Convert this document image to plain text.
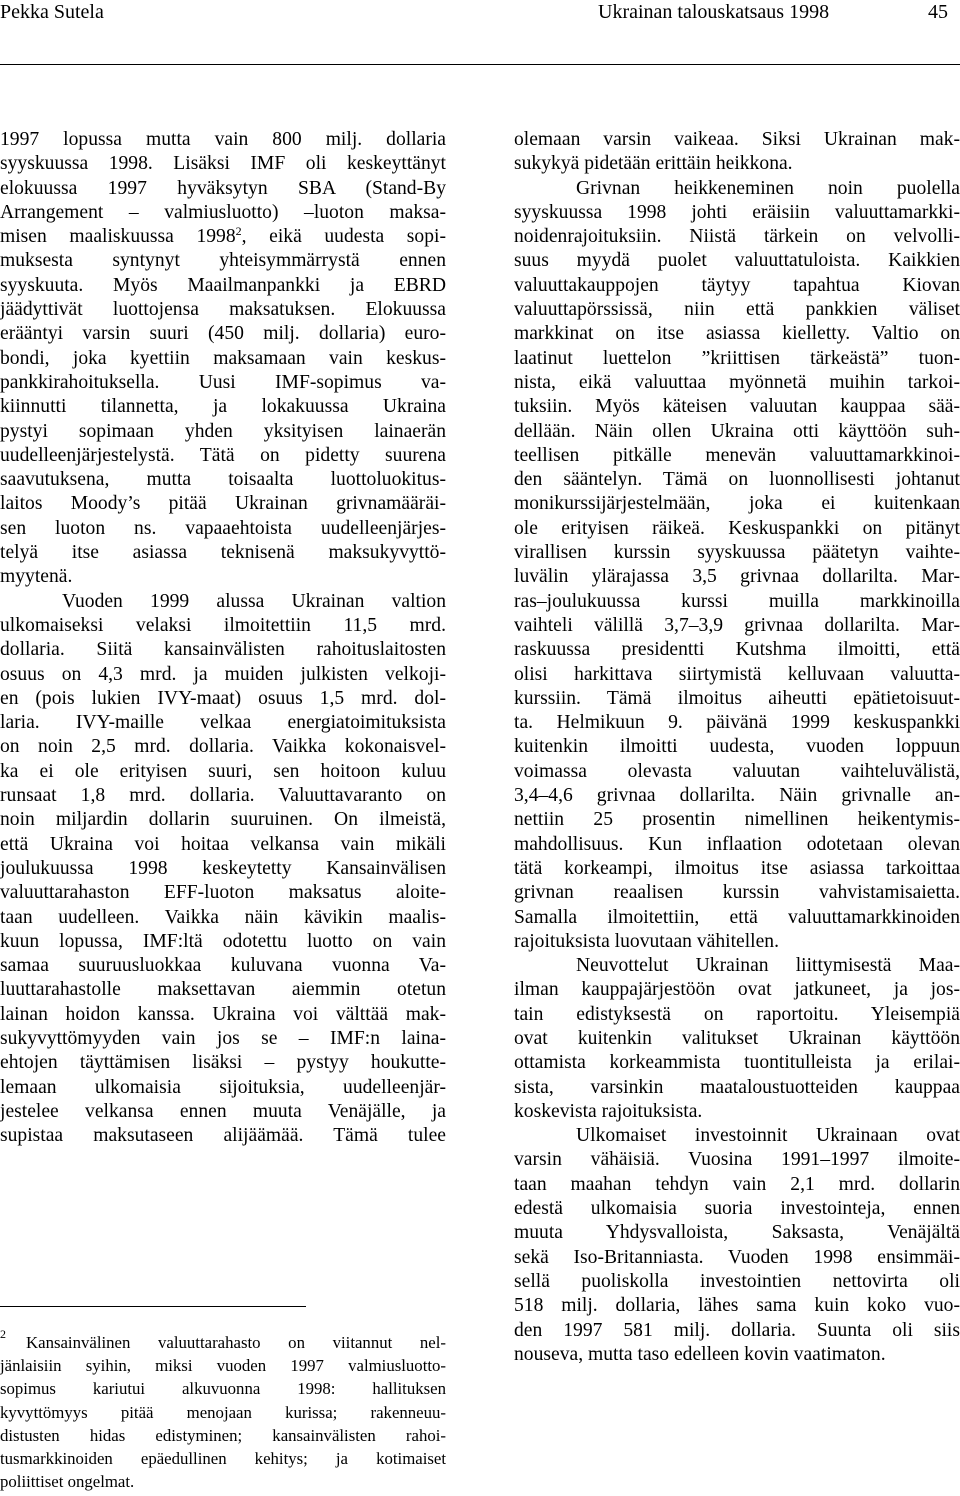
Pekka Sutela	Ukrainan talouskatsaus 1998	45
1997 lopussa mutta vain 800 milj. dollaria
syyskuussa 1998. Lisäksi IMF oli keskeyttänyt
elokuussa 1997 hyväksytyn SBA (Stand-By
Arrangement – valmiusluotto) –luoton maksa-
misen maaliskuussa 1998$^2$, eikä uudesta sopi-
muksesta syntynyt yhteisymmärrystä ennen
syyskuuta. Myös Maailmanpankki ja EBRD
jäädyttivät luottojensa maksatuksen. Elokuussa
erääntyi varsin suuri (450 milj. dollaria) euro-
bondi, joka kyettiin maksamaan vain keskus-
pankkirahoituksella. Uusi IMF-sopimus va-
kiinnutti tilannetta, ja lokakuussa Ukraina
pystyi sopimaan yhden yksityisen lainaerän
uudelleenjärjestelystä. Tätä on pidetty suurena
saavutuksena, mutta toisaalta luottoluokitus-
laitos Moody’s pitää Ukrainan grivnamääräi-
sen luoton ns. vapaaehtoista uudelleenjärjes-
telyä itse asiassa teknisenä maksukyvyttö-
myytenä.
Vuoden 1999 alussa Ukrainan valtion
ulkomaiseksi velaksi ilmoitettiin 11,5 mrd.
dollaria. Siitä kansainvälisten rahoituslaitosten
osuus on 4,3 mrd. ja muiden julkisten velkoji-
en (pois lukien IVY-maat) osuus 1,5 mrd. dol-
laria. IVY-maille velkaa energiatoimituksista
on noin 2,5 mrd. dollaria. Vaikka kokonaisvel-
ka ei ole erityisen suuri, sen hoitoon kuluu
runsaat 1,8 mrd. dollaria. Valuuttavaranto on
noin miljardin dollarin suuruinen. On ilmeistä,
että Ukraina voi hoitaa velkansa vain mikäli
joulukuussa 1998 keskeytetty Kansainvälisen
valuuttarahaston EFF-luoton maksatus aloite-
taan uudelleen. Vaikka näin kävikin maalis-
kuun lopussa, IMF:ltä odotettu luotto on vain
samaa suuruusluokkaa kuluvana vuonna Va-
luuttarahastolle maksettavan aiemmin otetun
lainan hoidon kanssa. Ukraina voi välttää mak-
sukyvyttömyyden vain jos se – IMF:n laina-
ehtojen täyttämisen lisäksi – pystyy houkutte-
lemaan ulkomaisia sijoituksia, uudelleenjär-
jestelee velkansa ennen muuta Venäjälle, ja
supistaa maksutaseen alijäämää. Tämä tulee
2	Kansainvälinen valuuttarahasto on viitannut nel-
jänlaisiin syihin, miksi vuoden 1997 valmiusluotto-
sopimus kariutui alkuvuonna 1998: hallituksen
kyvyttömyys pitää menojaan kurissa; rakenneuu-
distusten hidas edistyminen; kansainvälisten rahoi-
tusmarkkinoiden epäedullinen kehitys; ja kotimaiset
poliittiset ongelmat.
olemaan varsin vaikeaa. Siksi Ukrainan mak-
sukykyä pidetään erittäin heikkona.
Grivnan heikkeneminen noin puolella
syyskuussa 1998 johti eräisiin valuuttamarkki-
noidenrajoituksiin. Niistä tärkein on velvolli-
suus myydä puolet valuuttatuloista. Kaikkien
valuuttakauppojen täytyy tapahtua Kiovan
valuuttapörssissä, niin että pankkien väliset
markkinat on itse asiassa kielletty. Valtio on
laatinut luettelon ”kriittisen tärkeästä” tuon-
nista, eikä valuuttaa myönnetä muihin tarkoi-
tuksiin. Myös käteisen valuutan kauppaa sää-
dellään. Näin ollen Ukraina otti käyttöön suh-
teellisen pitkälle menevän valuuttamarkkinoi-
den sääntelyn. Tämä on luonnollisesti johtanut
monikurssijärjestelmään, joka ei kuitenkaan
ole erityisen räikeä. Keskuspankki on pitänyt
virallisen kurssin syyskuussa päätetyn vaihte-
luvälin ylärajassa 3,5 grivnaa dollarilta. Mar-
ras–joulukuussa kurssi muilla markkinoilla
vaihteli välillä 3,7–3,9 grivnaa dollarilta. Mar-
raskuussa presidentti Kutshma ilmoitti, että
olisi harkittava siirtymistä kelluvaan valuutta-
kurssiin. Tämä ilmoitus aiheutti epätietoisuut-
ta. Helmikuun 9. päivänä 1999 keskuspankki
kuitenkin ilmoitti uudesta, vuoden loppuun
voimassa olevasta valuutan vaihteluvälistä,
3,4–4,6 grivnaa dollarilta. Näin grivnalle an-
nettiin 25 prosentin nimellinen heikentymis-
mahdollisuus. Kun inflaation odotetaan olevan
tätä korkeampi, ilmoitus itse asiassa tarkoittaa
grivnan reaalisen kurssin vahvistamisaietta.
Samalla ilmoitettiin, että valuuttamarkkinoiden
rajoituksista luovutaan vähitellen.
Neuvottelut Ukrainan liittymisestä Maa-
ilman kauppajärjestöön ovat jatkuneet, ja jos-
tain edistyksestä on raportoitu. Yleisempiä
ovat kuitenkin valitukset Ukrainan käyttöön
ottamista korkeammista tuontitulleista ja erilai-
sista, varsinkin maataloustuotteiden kauppaa
koskevista rajoituksista.
Ulkomaiset investoinnit Ukrainaan ovat
varsin vähäisiä. Vuosina 1991–1997 ilmoite-
taan maahan tehdyn vain 2,1 mrd. dollarin
edestä ulkomaisia suoria investointeja, ennen
muuta Yhdysvalloista, Saksasta, Venäjältä
sekä Iso-Britanniasta. Vuoden 1998 ensimmäi-
sellä puoliskolla investointien nettovirta oli
518 milj. dollaria, lähes sama kuin koko vuo-
den 1997 581 milj. dollaria. Suunta oli siis
nouseva, mutta taso edelleen kovin vaatimaton.
